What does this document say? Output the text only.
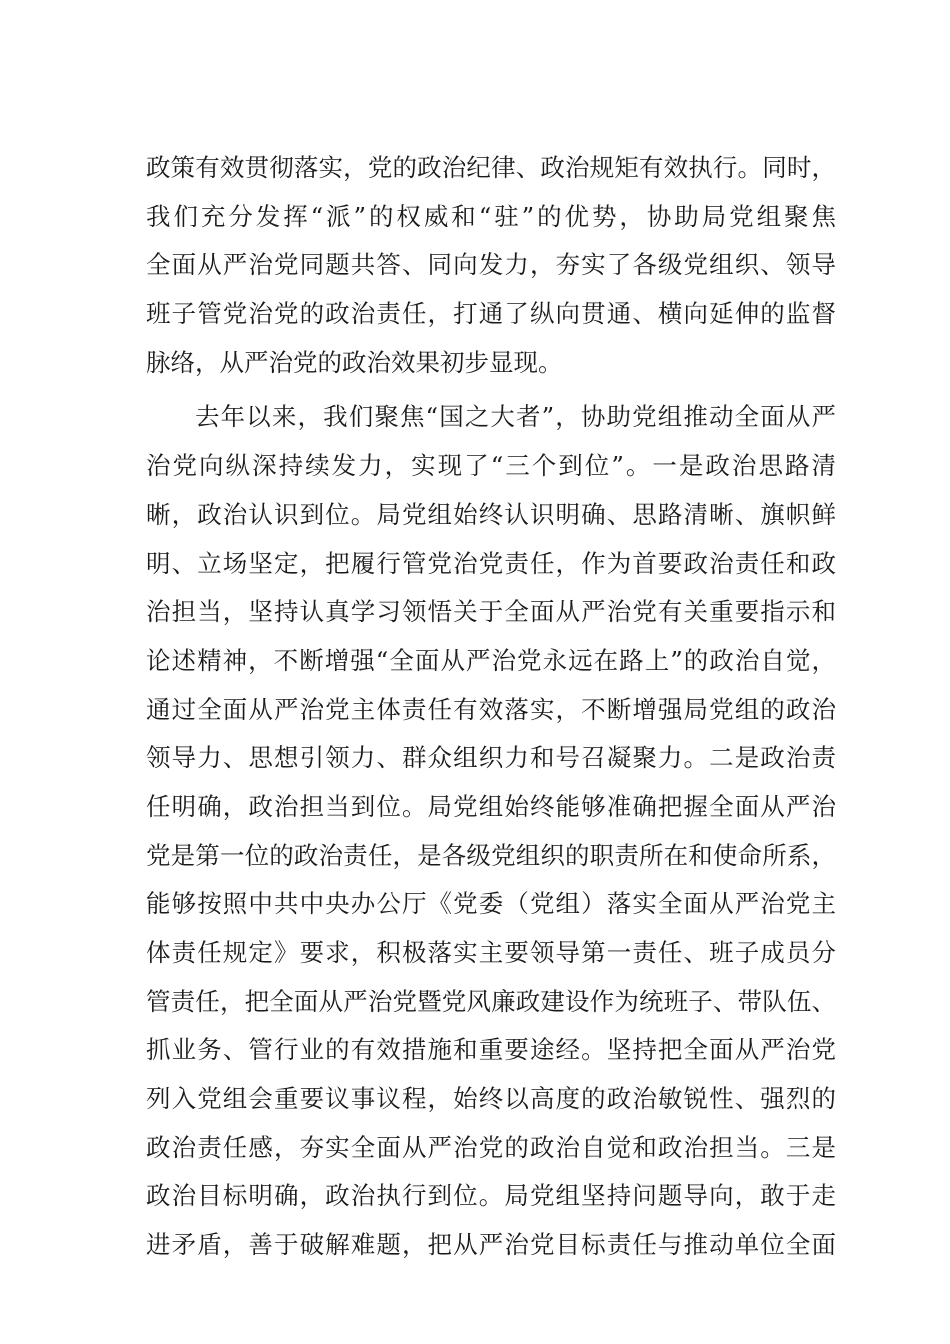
政策有效贯彻落实，党的政治纪律、政治规矩有效执行。同时，
我们充分发挥“派”的权威和“驻”的优势，协助局党组聚焦
全面从严治党同题共答、同向发力，夯实了各级党组织、领导
班子管党治党的政治责任，打通了纵向贯通、横向延伸的监督
脉络，从严治党的政治效果初步显现。
去年以来，我们聚焦“国之大者”，协助党组推动全面从严
治党向纵深持续发力，实现了“三个到位”。一是政治思路清
晰，政治认识到位。局党组始终认识明确、思路清晰、旗帜鲜
明、立场坚定，把履行管党治党责任，作为首要政治责任和政
治担当，坚持认真学习领悟关于全面从严治党有关重要指示和
论述精神，不断增强“全面从严治党永远在路上”的政治自觉，
通过全面从严治党主体责任有效落实，不断增强局党组的政治
领导力、思想引领力、群众组织力和号召凝聚力。二是政治责
任明确，政治担当到位。局党组始终能够准确把握全面从严治
党是第一位的政治责任，是各级党组织的职责所在和使命所系，
能够按照中共中央办公厅《党委（党组）落实全面从严治党主
体责任规定》要求，积极落实主要领导第一责任、班子成员分
管责任，把全面从严治党暨党风廉政建设作为统班子、带队伍、
抓业务、管行业的有效措施和重要途经。坚持把全面从严治党
列入党组会重要议事议程，始终以高度的政治敏锐性、强烈的
政治责任感，夯实全面从严治党的政治自觉和政治担当。三是
政治目标明确，政治执行到位。局党组坚持问题导向，敢于走
进矛盾，善于破解难题，把从严治党目标责任与推动单位全面
